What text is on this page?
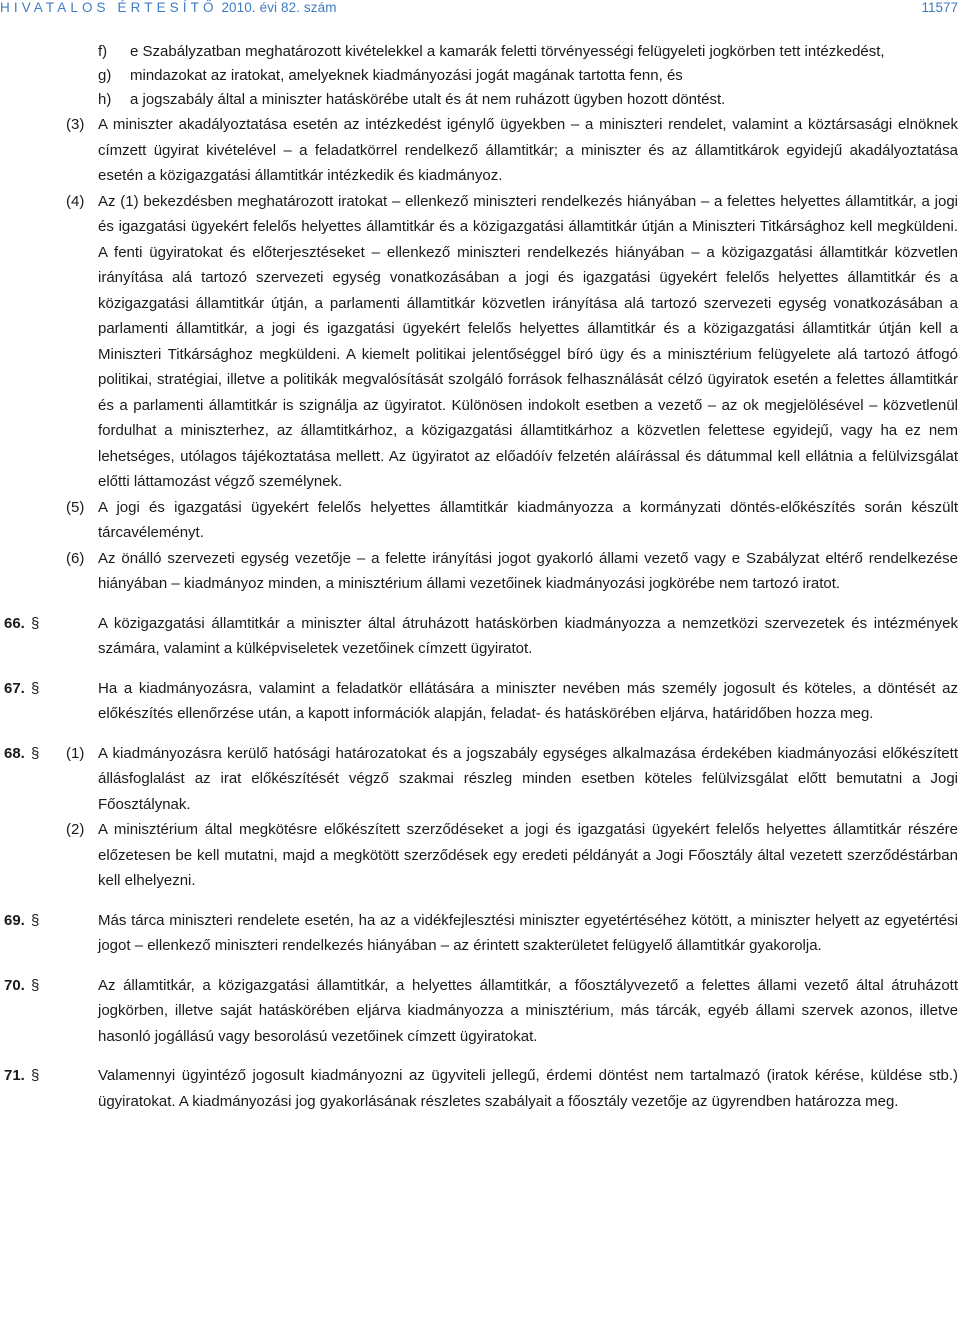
HIVATALOS ÉRTESÍTŐ 2010. évi 82. szám	11577
f) e Szabályzatban meghatározott kivételekkel a kamarák feletti törvényességi felügyeleti jogkörben tett intézkedést,
g) mindazokat az iratokat, amelyeknek kiadmányozási jogát magának tartotta fenn, és
h) a jogszabály által a miniszter hatáskörébe utalt és át nem ruházott ügyben hozott döntést.
(3) A miniszter akadályoztatása esetén az intézkedést igénylő ügyekben – a miniszteri rendelet, valamint a köztársasági elnöknek címzett ügyirat kivételével – a feladatkörrel rendelkező államtitkár; a miniszter és az államtitkárok egyidejű akadályoztatása esetén a közigazgatási államtitkár intézkedik és kiadmányoz.
(4) Az (1) bekezdésben meghatározott iratokat – ellenkező miniszteri rendelkezés hiányában – a felettes helyettes államtitkár, a jogi és igazgatási ügyekért felelős helyettes államtitkár és a közigazgatási államtitkár útján a Miniszteri Titkársághoz kell megküldeni. A fenti ügyiratokat és előterjesztéseket – ellenkező miniszteri rendelkezés hiányában – a közigazgatási államtitkár közvetlen irányítása alá tartozó szervezeti egység vonatkozásában a jogi és igazgatási ügyekért felelős helyettes államtitkár és a közigazgatási államtitkár útján, a parlamenti államtitkár közvetlen irányítása alá tartozó szervezeti egység vonatkozásában a parlamenti államtitkár, a jogi és igazgatási ügyekért felelős helyettes államtitkár és a közigazgatási államtitkár útján kell a Miniszteri Titkársághoz megküldeni. A kiemelt politikai jelentőséggel bíró ügy és a minisztérium felügyelete alá tartozó átfogó politikai, stratégiai, illetve a politikák megvalósítását szolgáló források felhasználását célzó ügyiratok esetén a felettes államtitkár és a parlamenti államtitkár is szignálja az ügyiratot. Különösen indokolt esetben a vezető – az ok megjelölésével – közvetlenül fordulhat a miniszterhez, az államtitkárhoz, a közigazgatási államtitkárhoz a közvetlen felettese egyidejű, vagy ha ez nem lehetséges, utólagos tájékoztatása mellett. Az ügyiratot az előadóív felzetén aláírással és dátummal kell ellátnia a felülvizsgálat előtti láttamozást végző személynek.
(5) A jogi és igazgatási ügyekért felelős helyettes államtitkár kiadmányozza a kormányzati döntés-előkészítés során készült tárcavéleményt.
(6) Az önálló szervezeti egység vezetője – a felette irányítási jogot gyakorló állami vezető vagy e Szabályzat eltérő rendelkezése hiányában – kiadmányoz minden, a minisztérium állami vezetőinek kiadmányozási jogkörébe nem tartozó iratot.
66. §	A közigazgatási államtitkár a miniszter által átruházott hatáskörben kiadmányozza a nemzetközi szervezetek és intézmények számára, valamint a külképviseletek vezetőinek címzett ügyiratot.
67. §	Ha a kiadmányozásra, valamint a feladatkör ellátására a miniszter nevében más személy jogosult és köteles, a döntését az előkészítés ellenőrzése után, a kapott információk alapján, feladat- és hatáskörében eljárva, határidőben hozza meg.
68. § (1) A kiadmányozásra kerülő hatósági határozatokat és a jogszabály egységes alkalmazása érdekében kiadmányozási előkészített állásfoglalást az irat előkészítését végző szakmai részleg minden esetben köteles felülvizsgálat előtt bemutatni a Jogi Főosztálynak.
(2) A minisztérium által megkötésre előkészített szerződéseket a jogi és igazgatási ügyekért felelős helyettes államtitkár részére előzetesen be kell mutatni, majd a megkötött szerződések egy eredeti példányát a Jogi Főosztály által vezetett szerződéstárban kell elhelyezni.
69. §	Más tárca miniszteri rendelete esetén, ha az a vidékfejlesztési miniszter egyetértéséhez kötött, a miniszter helyett az egyetértési jogot – ellenkező miniszteri rendelkezés hiányában – az érintett szakterületet felügyelő államtitkár gyakorolja.
70. §	Az államtitkár, a közigazgatási államtitkár, a helyettes államtitkár, a főosztályvezető a felettes állami vezető által átruházott jogkörben, illetve saját hatáskörében eljárva kiadmányozza a minisztérium, más tárcák, egyéb állami szervek azonos, illetve hasonló jogállású vagy besorolású vezetőinek címzett ügyiratokat.
71. §	Valamennyi ügyintéző jogosult kiadmányozni az ügyviteli jellegű, érdemi döntést nem tartalmazó (iratok kérése, küldése stb.) ügyiratokat. A kiadmányozási jog gyakorlásának részletes szabályait a főosztály vezetője az ügyrendben határozza meg.
